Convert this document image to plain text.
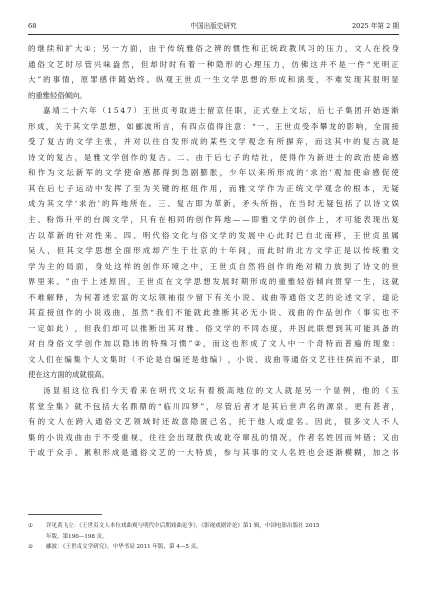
68	中国出版史研究	2025 年第 2 期
的 继 续 和 扩 大 ① ； 另 一 方 面 ， 由 于 传 统 雅 俗 之 辨 的 惯 性 和 正 统 政 教 风 习 的 压 力 ， 文 人 在 投 身
通 俗 文 艺 时 尽 管 兴 味 盎 然 ， 但 却 时 时 有 着 一 种 隐 形 的 心 理 压 力 ， 仿 佛 这 并 不 是 一 件 “ 光 明 正
大 ” 的 事 情 ， 原 罪 感 伴 随 始 终 。 纵 观 王 世 贞 一 生 文 学 思 想 的 形 成 和 演 变 ， 不 难 发 现 其 很 明 显
的重雅轻俗倾向。
嘉 靖 二 十 六 年 （ 1 5 4 7 ） 王 世 贞 考 取 进 士 留 京 任 职 ， 正 式 登 上 文 坛 ， 后 七 子 集 团 开 始 逐 渐
形 成 ， 关 于 其 文 学 思 想 ， 如 郦 波 所 言 ， 有 四 点 值 得 注 意 ： “ 一 、 王 世 贞 受 李 攀 龙 的 影 响 ， 全 面 接
受 了 复 古 的 文 学 主 张 ， 并 对 以 往 自 发 形 成 的 某 些 文 学 观 念 有 所 摒 弃 ， 而 这 其 中 的 复 古 就 是
诗 文 的 复 古 ， 是 雅 文 学 创 作 的 复 古 。 二 、 由 于 后 七 子 的 结 社 ， 使 得 作 为 新 进 士 的 政 治 使 命 感
和 作 为 文 坛 新 军 的 文 学 使 命 感 都 得 到 急 剧 膨 胀 ， 少 年 以 来 所 形 成 的 ‘ 求 治 ’ 观 加 使 命 感 促 使
其 在 后 七 子 运 动 中 发 挥 了 至 为 关 键 的 枢 纽 作 用 ， 而 雅 文 学 作 为 正 统 文 学 观 念 的 根 本 ， 无 疑
成 为 其 文 学 ‘ 求 治 ’ 的 阵 地 所 在 。 三 、 复 古 即 为 革 新 ， 矛 头 所 指 ， 在 当 时 无 疑 包 括 了 以 诗 文 娱
主 、 粉 饰 升 平 的 台 阁 文 学 ， 只 有 在 相 同 的 创 作 阵 地 — — 即 雅 文 学 的 创 作 上 ， 才 可 能 表 现 出 复
古 以 革 新 的 针 对 性 来 。 四 、 明 代 俗 文 化 与 俗 文 学 的 发 展 中 心 此 时 已 自 北 南 移 ， 王 世 贞 虽 属
吴 人 ， 但 其 文 学 思 想 全 面 形 成 却 产 生 于 仕 京 的 十 年 间 ， 而 此 时 的 北 方 文 学 正 是 以 传 统 雅 文
学 为 主 的 局 面 ， 身 处 这 样 的 创 作 环 境 之 中 ， 王 世 贞 自 然 将 创 作 的 绝 对 精 力 放 到 了 诗 文 的 世
界 里 来 。 ” 由 于 上 述 原 因 ， 王 世 贞 在 文 学 思 想 发 展 时 期 形 成 的 重 雅 轻 俗 倾 向 贯 穿 一 生 ， 这 就
不 难 解 释 ， 为 何 著 述 宏 富 的 文 坛 领 袖 很 少 留 下 有 关 小 说 、 戏 曲 等 通 俗 文 艺 的 论 述 文 字 ， 遑 论
其 直 接 创 作 的 小 说 戏 曲 ， 虽 然 “ 我 们 不 能 就 此 推 断 其 必 无 小 说 、 戏 曲 的 作 品 创 作 （ 事 实 也 不
一 定 如 此 ） ， 但 我 们 却 可 以 推 断 出 其 对 雅 、 俗 文 学 的 不 同 态 度 ， 并 因 此 联 想 到 其 可 能 具 备 的
对 自 身 俗 文 学 创 作 加 以 隐 讳 的 特 殊 习 惯 ” ② ， 而 这 也 形 成 了 文 人 中 一 个 奇 特 而 普 遍 的 现 象 ：
文 人 们 在 编 集 个 人 文 集 时 （ 不 论 是 自 编 还 是 他 编 ） ， 小 说 、 戏 曲 等 通 俗 文 艺 往 往 摈 而 不 录 ， 即
使在这方面的成就很高。
汤 显 祖 这 位 我 们 今 天 看 来 在 明 代 文 坛 有 着 极 高 地 位 的 文 人 就 是 另 一 个 显 例 ， 他 的 《 玉
茗 堂 全 集 》 就 不 包 括 大 名 鼎 鼎 的 “ 临 川 四 梦 ” ， 尽 管 后 者 才 是 其 后 世 声 名 的 源 泉 。 更 有 甚 者 ，
有 的 文 人 在 跨 入 通 俗 文 艺 领 域 时 还 故 意 隐 匿 己 名 ， 托 于 他 人 或 虚 名 。 因 此 ， 很 多 文 人 不 人
集 的 小 说 戏 曲 由 于 不 受 重 视 ， 往 往 会 出 现 散 佚 或 讹 夺 窜 乱 的 情 况 ， 作 者 名 姓 因 而 舛 错 ； 又 由
于 或 于 众 手 、 累 积 形 成 是 通 俗 文 艺 的 一 大 特 质 ， 参 与 其 事 的 文 人 名 姓 也 会 逐 渐 模 糊 ， 加 之 书
① 详见黄飞立：《王世贞文人本位戏曲观与明代中后期戏曲论争》，《影视戏剧评论》第1 辑，中国电影出版社 2015
年版，第190—198 页。
② 郦波：《王世贞文学研究》，中华书局 2011 年版，第 4—5 页。
